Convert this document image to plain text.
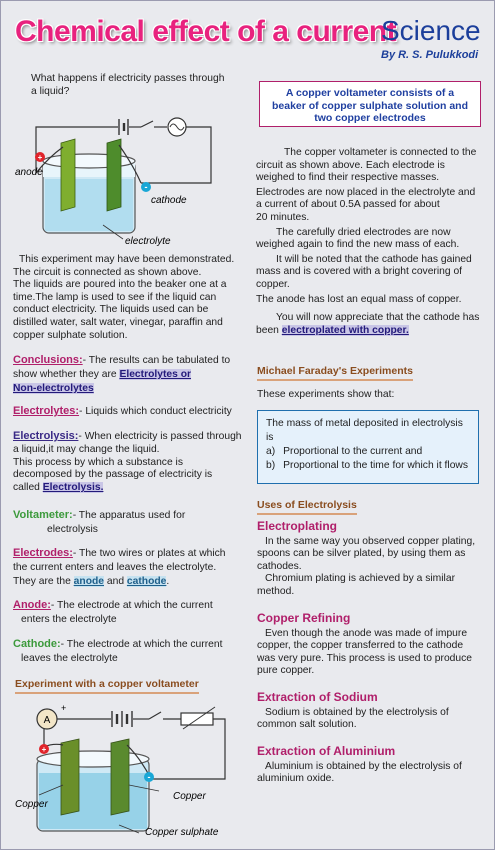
Chemical effect of a current
Science
By R. S. Pulukkodi
What happens if electricity passes through a liquid?
+
-
anode
cathode
electrolyte
This experiment may have been demonstrated.
The circuit is connected as shown above.
The liquids are poured into the beaker one at a
time.The lamp is used to see if the liquid can
conduct electricity. The liquids used can be
distilled water, salt water, vinegar, paraffin and
copper sulphate solution.
Conclusions:- The results can be tabulated to
show whether they are Electrolytes or
Non-electrolytes
Electrolytes:- Liquids which conduct electricity
Electrolysis:- When electricity is passed through
a liquid,it may change the liquid.
This process by which a substance is
decomposed by the passage of electricity is
called Electrolysis.
Voltameter:- The apparatus used for
electrolysis
Electrodes:- The two wires or plates at which
the current enters and leaves the electrolyte.
They are the anode and cathode.
Anode:- The electrode at which the current
enters the electrolyte
Cathode:- The electrode at which the current
leaves the electrolyte
Experiment with a copper voltameter
A
+
+
-
Copper
Copper
Copper sulphate
A copper voltameter consists of a
beaker of copper sulphate solution and
two copper electrodes
The copper voltameter is connected to the
circuit as shown above. Each electrode is
weighed to find their respective masses.
Electrodes are now placed in the electrolyte and
a current of about 0.5A passed for about
20 minutes.
The carefully dried electrodes are now
weighed again to find the new mass of each.
It will be noted that the cathode has gained
mass and is covered with a bright covering of
copper.
The anode has lost an equal mass of copper.
You will now appreciate that the cathode has
been electroplated with copper.
Michael Faraday's Experiments
These experiments show that:
The mass of metal deposited in electrolysis is
a) Proportional to the current and
b) Proportional to the time for which it flows
Uses of Electrolysis
Electroplating
In the same way you observed copper plating,
spoons can be silver plated, by using them as
cathodes.
Chromium plating is achieved by a similar
method.
Copper Refining
Even though the anode was made of impure
copper, the copper transferred to the cathode
was very pure. This process is used to produce
pure copper.
Extraction of Sodium
Sodium is obtained by the electrolysis of
common salt solution.
Extraction of Aluminium
Aluminium is obtained by the electrolysis of
aluminium oxide.
